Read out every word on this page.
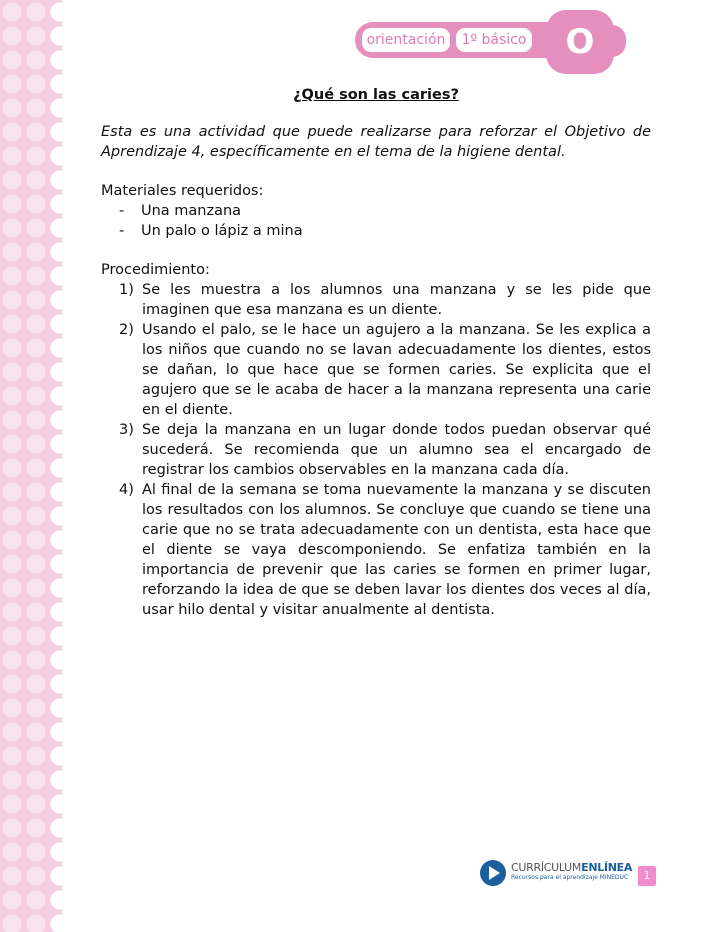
orientación	1º básico	O

¿Qué son las caries?

Esta es una actividad que puede realizarse para reforzar el Objetivo de Aprendizaje 4, específicamente en el tema de la higiene dental.

Materiales requeridos:

- Una manzana
- Un palo o lápiz a mina

Procedimiento:

1) Se les muestra a los alumnos una manzana y se les pide que imaginen que esa manzana es un diente.
2) Usando el palo, se le hace un agujero a la manzana. Se les explica a los niños que cuando no se lavan adecuadamente los dientes, estos se dañan, lo que hace que se formen caries. Se explicita que el agujero que se le acaba de hacer a la manzana representa una carie en el diente.
3) Se deja la manzana en un lugar donde todos puedan observar qué sucederá. Se recomienda que un alumno sea el encargado de registrar los cambios observables en la manzana cada día.
4) Al final de la semana se toma nuevamente la manzana y se discuten los resultados con los alumnos. Se concluye que cuando se tiene una carie que no se trata adecuadamente con un dentista, esta hace que el diente se vaya descomponiendo. Se enfatiza también en la importancia de prevenir que las caries se formen en primer lugar, reforzando la idea de que se deben lavar los dientes dos veces al día, usar hilo dental y visitar anualmente al dentista.
CURRÍCULUMENLÍNEA
Recursos para el aprendizaje MINEDUC	1
